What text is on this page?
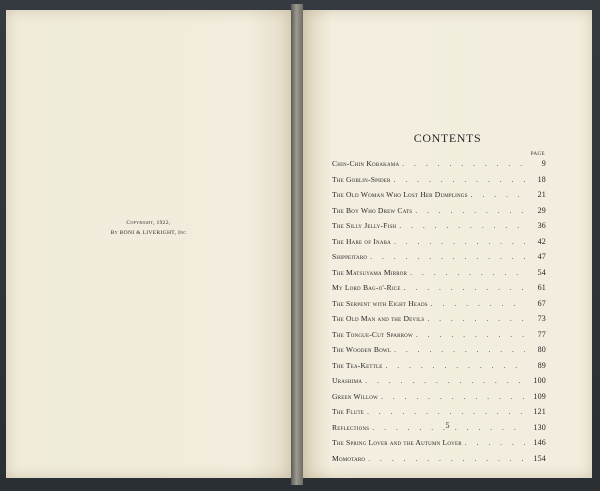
Copyright, 1922,
By BONI & LIVERIGHT, Inc
CONTENTS
PAGE
Chin-Chin Kobakama . . .	9
The Goblin-Spider . . .	18
The Old Woman Who Lost Her Dumplings . . .	21
The Boy Who Drew Cats . . .	29
The Silly Jelly-Fish . . .	36
The Hare of Inaba . . .	42
Shippeitaro . . .	47
The Matsuyama Mirror . . .	54
My Lord Bag-o'-Rice . . .	61
The Serpent with Eight Heads . . .	67
The Old Man and the Devils . . .	73
The Tongue-Cut Sparrow . . .	77
The Wooden Bowl . . .	80
The Tea-Kettle . . .	89
Urashima . . .	100
Green Willow . . .	109
The Flute . . .	121
Reflections . . .	130
The Spring Lover and the Autumn Lover . . .	146
Momotaro . . .	154
5
